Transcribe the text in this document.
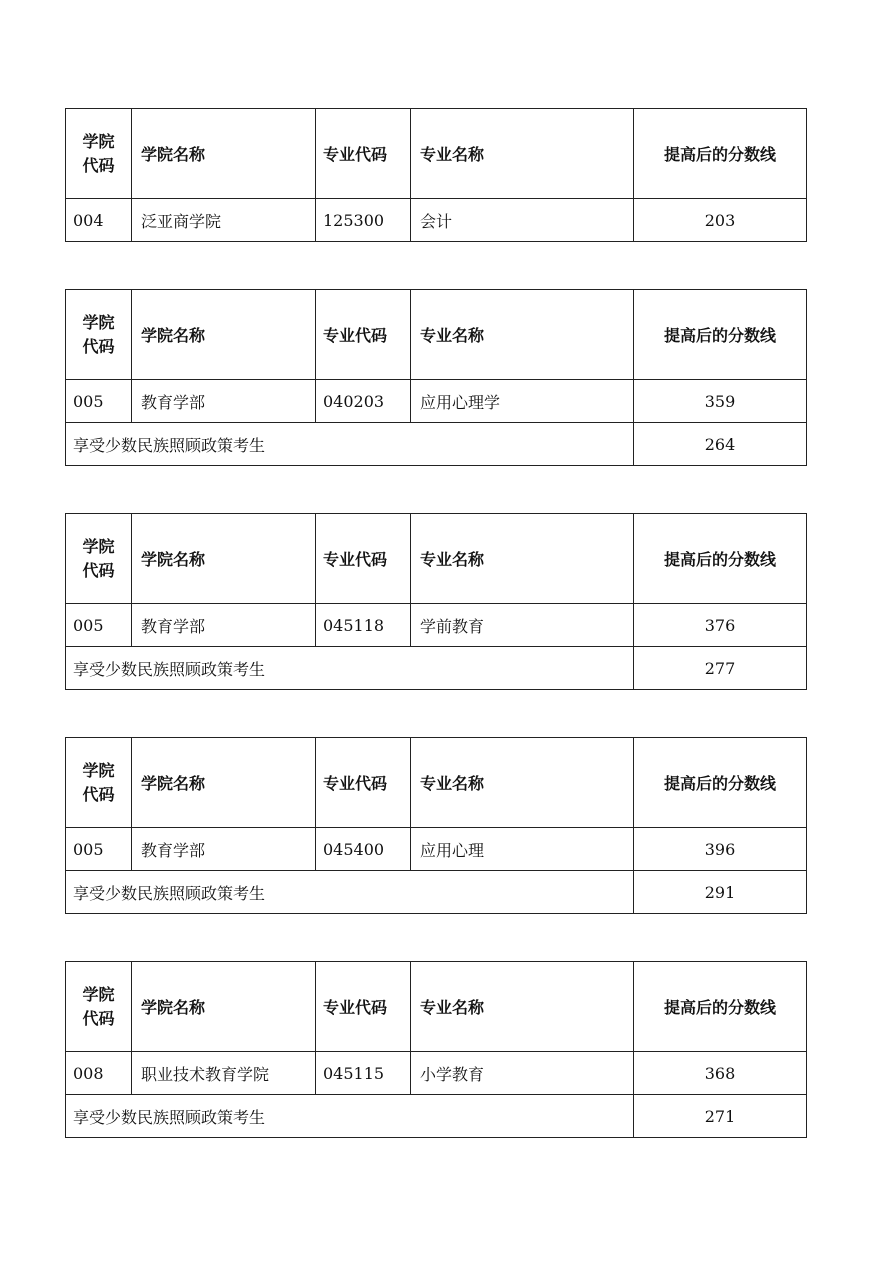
学院
代码	学院名称	专业代码	专业名称	提高后的分数线
004	泛亚商学院	125300	会计	203
学院
代码	学院名称	专业代码	专业名称	提高后的分数线
005	教育学部	040203	应用心理学	359
享受少数民族照顾政策考生				264
学院
代码	学院名称	专业代码	专业名称	提高后的分数线
005	教育学部	045118	学前教育	376
享受少数民族照顾政策考生				277
学院
代码	学院名称	专业代码	专业名称	提高后的分数线
005	教育学部	045400	应用心理	396
享受少数民族照顾政策考生				291
学院
代码	学院名称	专业代码	专业名称	提高后的分数线
008	职业技术教育学院	045115	小学教育	368
享受少数民族照顾政策考生				271
